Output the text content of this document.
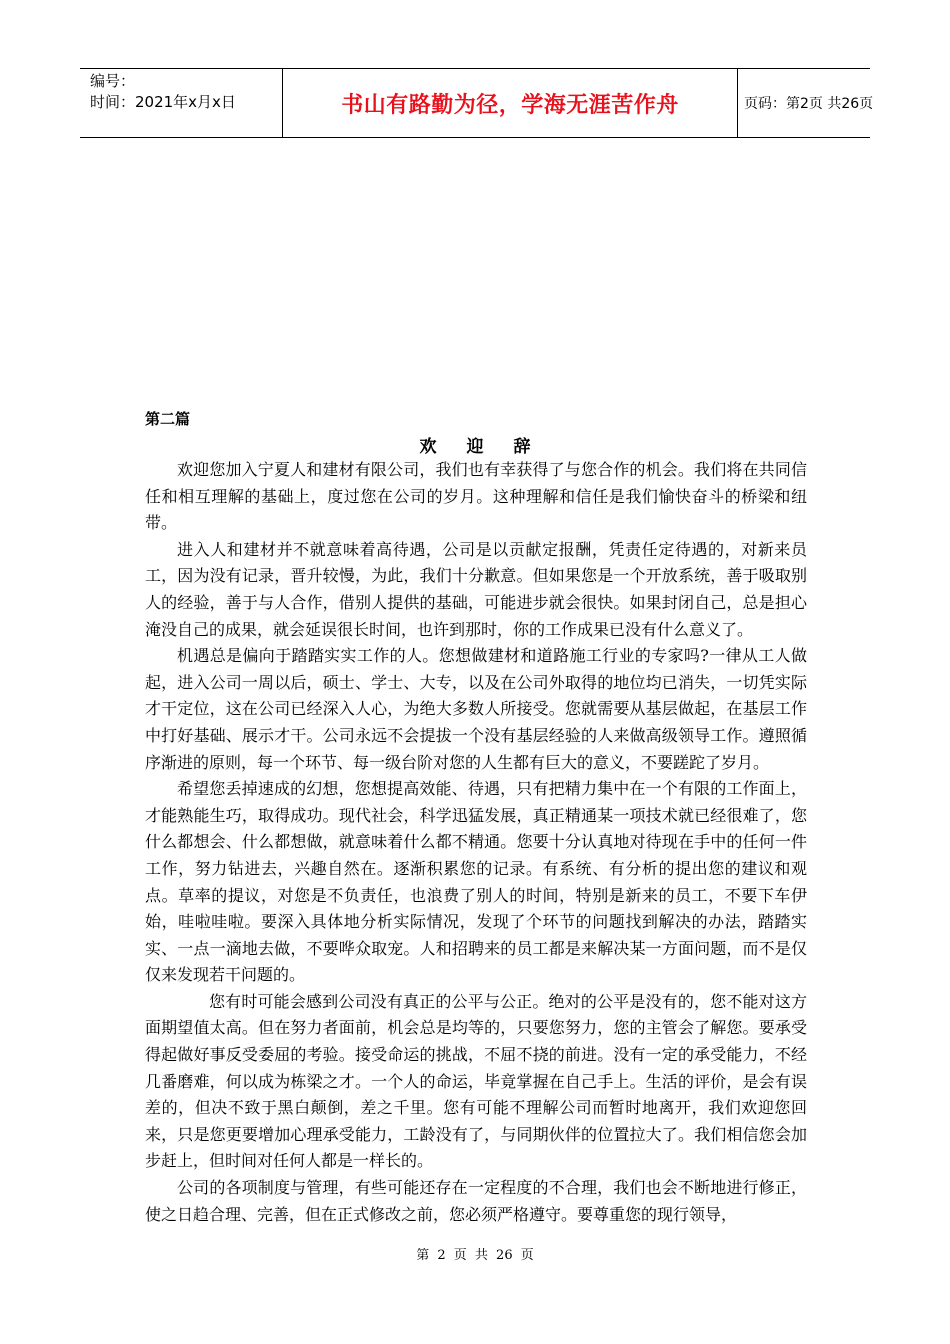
编号：
时间：2021年x月x日	书山有路勤为径，学海无涯苦作舟	页码：第2页 共26页
第二篇
欢迎辞

欢迎您加入宁夏人和建材有限公司，我们也有幸获得了与您合作的机会。我们将在共同信任和相互理解的基础上，度过您在公司的岁月。这种理解和信任是我们愉快奋斗的桥梁和纽带。

进入人和建材并不就意味着高待遇，公司是以贡献定报酬，凭责任定待遇的，对新来员工，因为没有记录，晋升较慢，为此，我们十分歉意。但如果您是一个开放系统，善于吸取别人的经验，善于与人合作，借别人提供的基础，可能进步就会很快。如果封闭自己，总是担心淹没自己的成果，就会延误很长时间，也许到那时，你的工作成果已没有什么意义了。

机遇总是偏向于踏踏实实工作的人。您想做建材和道路施工行业的专家吗?一律从工人做起，进入公司一周以后，硕士、学士、大专，以及在公司外取得的地位均已消失，一切凭实际才干定位，这在公司已经深入人心，为绝大多数人所接受。您就需要从基层做起，在基层工作中打好基础、展示才干。公司永远不会提拔一个没有基层经验的人来做高级领导工作。遵照循序渐进的原则，每一个环节、每一级台阶对您的人生都有巨大的意义，不要蹉跎了岁月。

希望您丢掉速成的幻想，您想提高效能、待遇，只有把精力集中在一个有限的工作面上，才能熟能生巧，取得成功。现代社会，科学迅猛发展，真正精通某一项技术就已经很难了，您什么都想会、什么都想做，就意味着什么都不精通。您要十分认真地对待现在手中的任何一件工作，努力钻进去，兴趣自然在。逐渐积累您的记录。有系统、有分析的提出您的建议和观点。草率的提议，对您是不负责任，也浪费了别人的时间，特别是新来的员工，不要下车伊始，哇啦哇啦。要深入具体地分析实际情况，发现了个环节的问题找到解决的办法，踏踏实实、一点一滴地去做，不要哗众取宠。人和招聘来的员工都是来解决某一方面问题，而不是仅仅来发现若干问题的。

您有时可能会感到公司没有真正的公平与公正。绝对的公平是没有的，您不能对这方面期望值太高。但在努力者面前，机会总是均等的，只要您努力，您的主管会了解您。要承受得起做好事反受委屈的考验。接受命运的挑战，不屈不挠的前进。没有一定的承受能力，不经几番磨难，何以成为栋梁之才。一个人的命运，毕竟掌握在自己手上。生活的评价，是会有误差的，但决不致于黑白颠倒，差之千里。您有可能不理解公司而暂时地离开，我们欢迎您回来，只是您更要增加心理承受能力，工龄没有了，与同期伙伴的位置拉大了。我们相信您会加步赶上，但时间对任何人都是一样长的。

公司的各项制度与管理，有些可能还存在一定程度的不合理，我们也会不断地进行修正，使之日趋合理、完善，但在正式修改之前，您必须严格遵守。要尊重您的现行领导，

第 2 页 共 26 页
